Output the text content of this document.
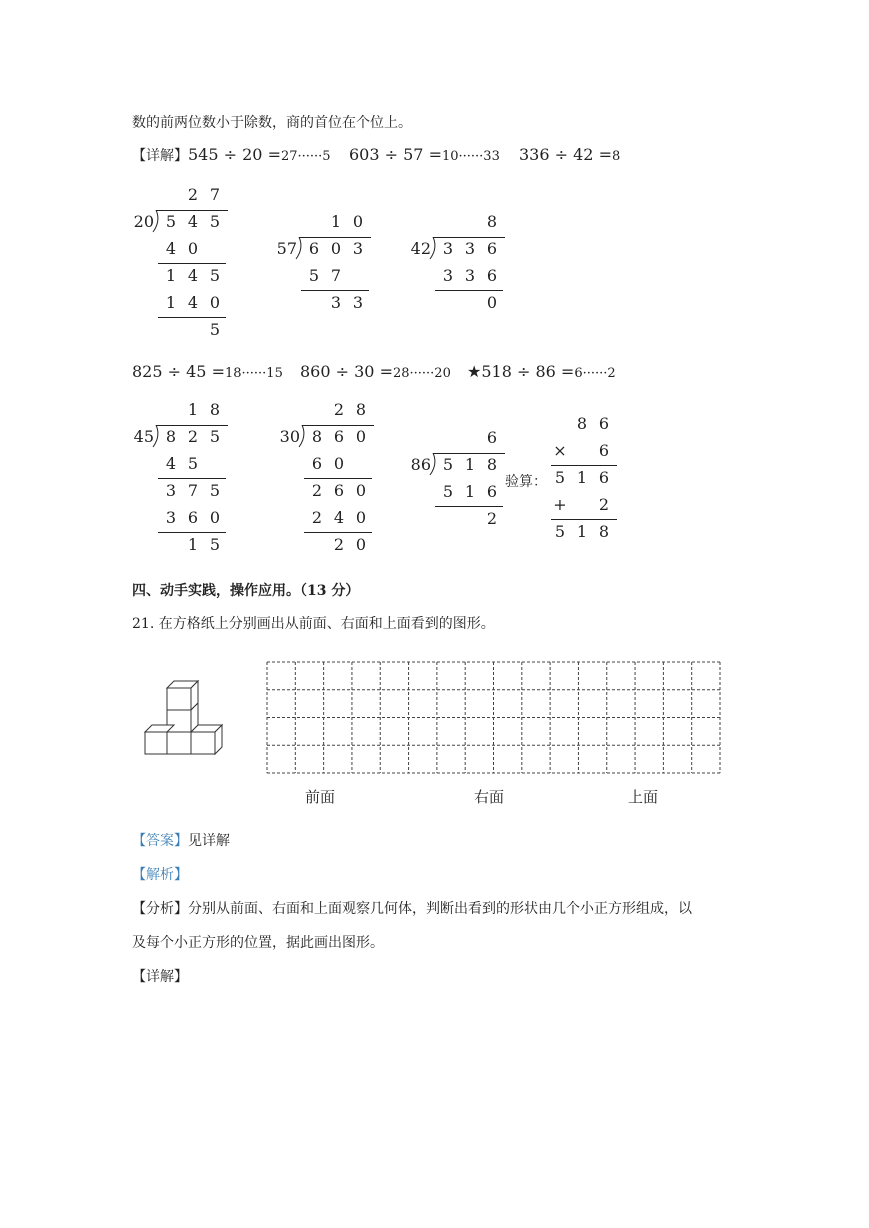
数的前两位数小于除数，商的首位在个位上。
【详解】545 ÷ 20 =27······5 603 ÷ 57 =10······33 336 ÷ 42 =8
825 ÷ 45 =18······15 860 ÷ 30 =28······20 ★518 ÷ 86 =6······2
2 7
20 5 4 5
4 0
1 4 5
1 4 0
5
1 0
57 6 0 3
5 7
3 3
8
42 3 3 6
3 3 6
0
1 8
45 8 2 5
4 5
3 7 5
3 6 0
1 5
2 8
30 8 6 0
6 0
2 6 0
2 4 0
2 0
6
86 5 1 8
5 1 6
2
验算：
8 6
×	6
5 1 6
+	2
5 1 8
四、动手实践，操作应用。（13 分）
21. 在方格纸上分别画出从前面、右面和上面看到的图形。
前面	右面	上面
【答案】见详解
【解析】
【分析】分别从前面、右面和上面观察几何体，判断出看到的形状由几个小正方形组成，以
及每个小正方形的位置，据此画出图形。
【详解】
